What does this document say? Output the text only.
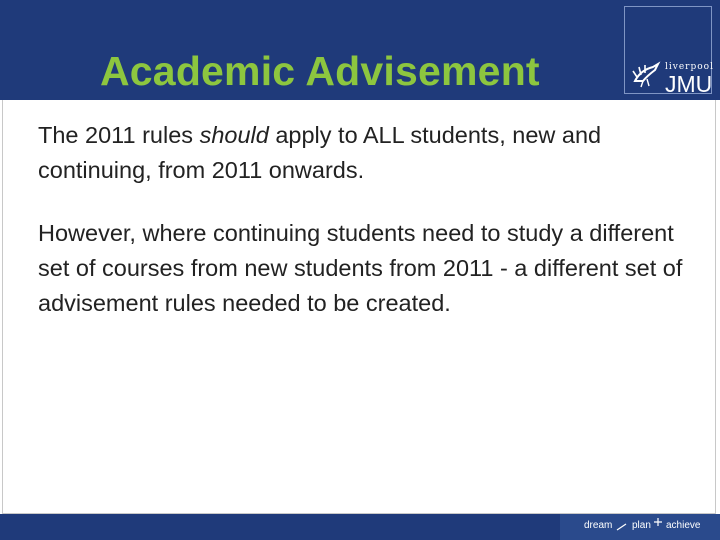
Academic Advisement	liverpool
JMU

The 2011 rules should apply to ALL students, new and continuing, from 2011 onwards.

However, where continuing students need to study a different set of courses from new students from 2011 - a different set of advisement rules needed to be created.

dream plan achieve
